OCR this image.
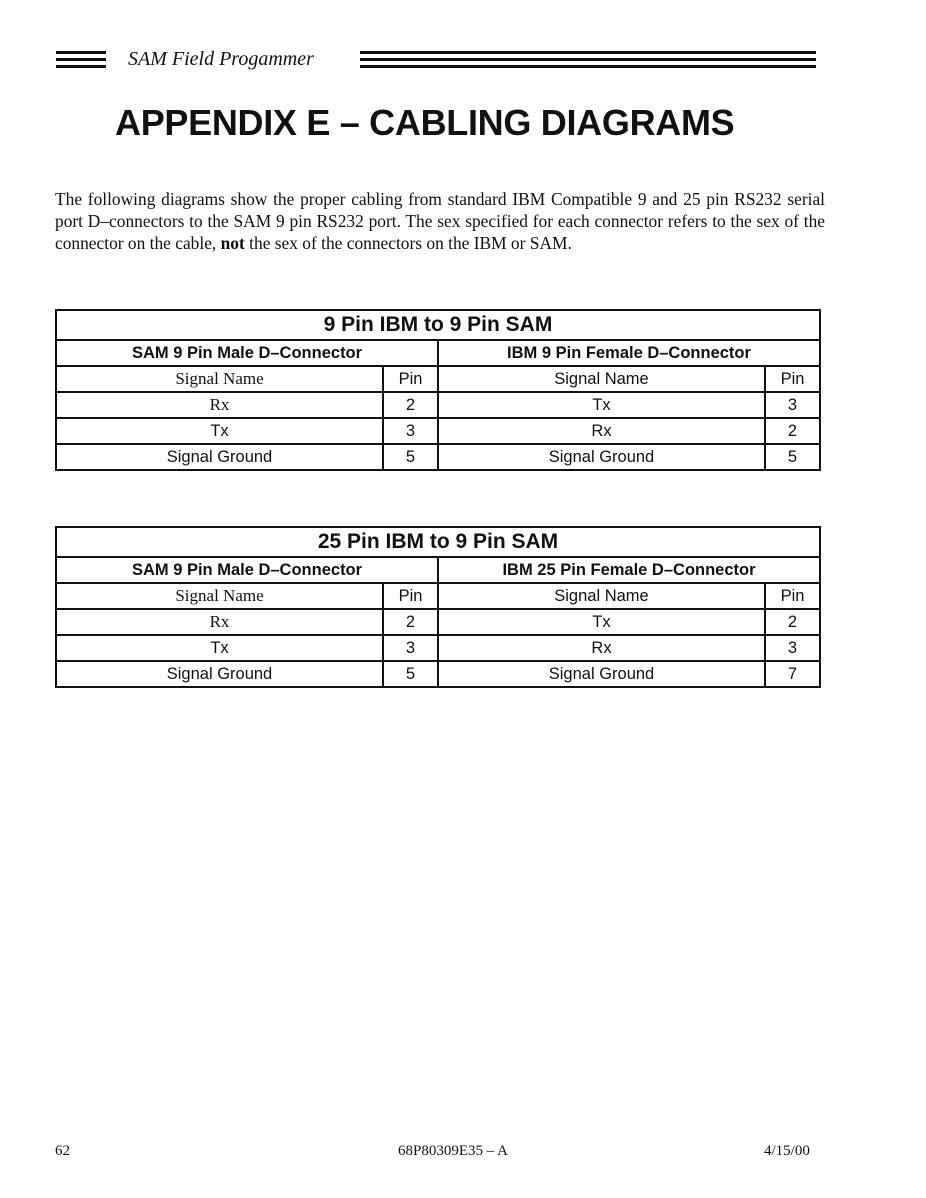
SAM Field Progammer
APPENDIX E – CABLING DIAGRAMS

The following diagrams show the proper cabling from standard IBM Compatible 9 and 25 pin RS232 serial port D–connectors to the SAM 9 pin RS232 port. The sex specified for each connector refers to the sex of the connector on the cable, not the sex of the connectors on the IBM or SAM.

9 Pin IBM to 9 Pin SAM			
SAM 9 Pin Male D–Connector		IBM 9 Pin Female D–Connector	
Signal Name	Pin	Signal Name	Pin
Rx	2	Tx	3
Tx	3	Rx	2
Signal Ground	5	Signal Ground	5
25 Pin IBM to 9 Pin SAM			
SAM 9 Pin Male D–Connector		IBM 25 Pin Female D–Connector	
Signal Name	Pin	Signal Name	Pin
Rx	2	Tx	2
Tx	3	Rx	3
Signal Ground	5	Signal Ground	7
62	68P80309E35 – A	4/15/00
